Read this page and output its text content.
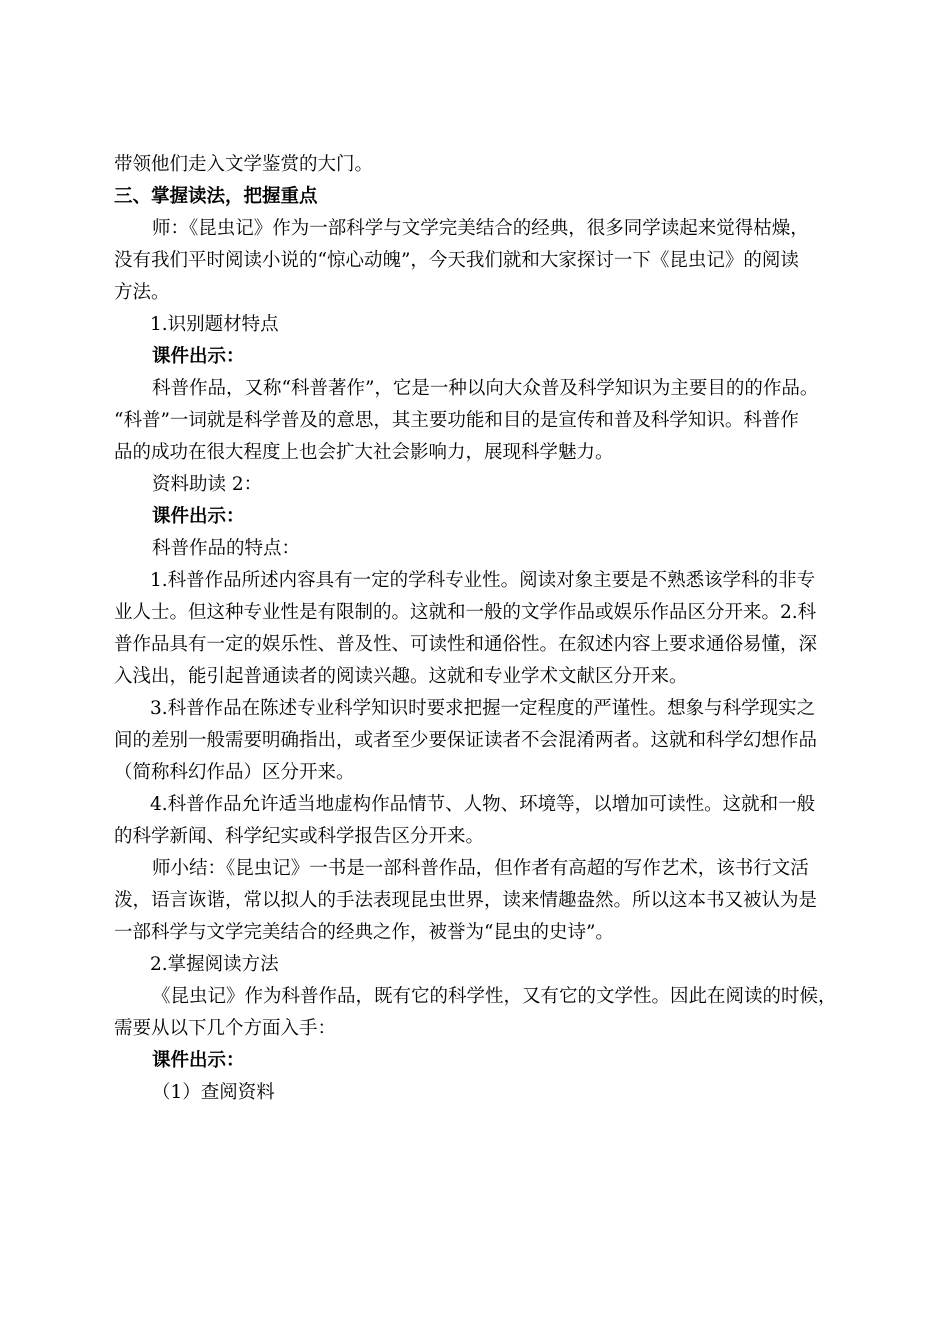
带领他们走入文学鉴赏的大门。

三、掌握读法，把握重点

师：《昆虫记》作为一部科学与文学完美结合的经典，很多同学读起来觉得枯燥，

没有我们平时阅读小说的“惊心动魄”，今天我们就和大家探讨一下《昆虫记》的阅读

方法。

1.识别题材特点

课件出示：

科普作品，又称“科普著作”，它是一种以向大众普及科学知识为主要目的的作品。

“科普”一词就是科学普及的意思，其主要功能和目的是宣传和普及科学知识。科普作

品的成功在很大程度上也会扩大社会影响力，展现科学魅力。

资料助读 2：

课件出示：

科普作品的特点：

1.科普作品所述内容具有一定的学科专业性。阅读对象主要是不熟悉该学科的非专

业人士。但这种专业性是有限制的。这就和一般的文学作品或娱乐作品区分开来。2.科

普作品具有一定的娱乐性、普及性、可读性和通俗性。在叙述内容上要求通俗易懂，深

入浅出，能引起普通读者的阅读兴趣。这就和专业学术文献区分开来。

3.科普作品在陈述专业科学知识时要求把握一定程度的严谨性。想象与科学现实之

间的差别一般需要明确指出，或者至少要保证读者不会混淆两者。这就和科学幻想作品

（简称科幻作品）区分开来。

4.科普作品允许适当地虚构作品情节、人物、环境等，以增加可读性。这就和一般

的科学新闻、科学纪实或科学报告区分开来。

师小结：《昆虫记》一书是一部科普作品，但作者有高超的写作艺术，该书行文活

泼，语言诙谐，常以拟人的手法表现昆虫世界，读来情趣盎然。所以这本书又被认为是

一部科学与文学完美结合的经典之作，被誉为“昆虫的史诗”。

2.掌握阅读方法

《昆虫记》作为科普作品，既有它的科学性，又有它的文学性。因此在阅读的时候，

需要从以下几个方面入手：

课件出示：

（1）查阅资料
